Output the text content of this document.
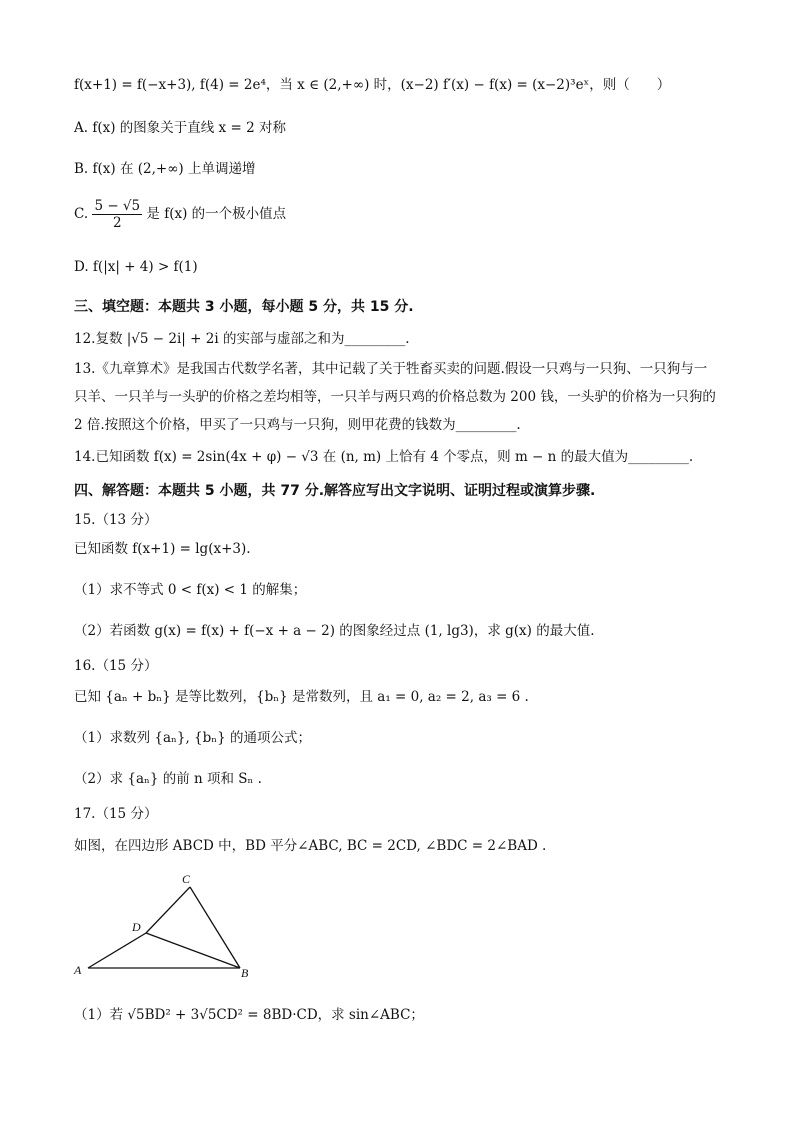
f(x+1) = f(−x+3), f(4) = 2e⁴，当 x ∈ (2,+∞) 时，(x−2) f′(x) − f(x) = (x−2)³eˣ，则（　　）
A. f(x) 的图象关于直线 x = 2 对称
B. f(x) 在 (2,+∞) 上单调递增
C. $\frac{5 - √5}{2}$ 是 f(x) 的一个极小值点
D. f(|x| + 4) > f(1)
三、填空题：本题共 3 小题，每小题 5 分，共 15 分.
12.复数 |√5 − 2i| + 2i 的实部与虚部之和为_________.
13.《九章算术》是我国古代数学名著，其中记载了关于牲畜买卖的问题.假设一只鸡与一只狗、一只狗与一
只羊、一只羊与一头驴的价格之差均相等，一只羊与两只鸡的价格总数为 200 钱，一头驴的价格为一只狗的
2 倍.按照这个价格，甲买了一只鸡与一只狗，则甲花费的钱数为_________.
14.已知函数 f(x) = 2sin(4x + φ) − √3 在 (n, m) 上恰有 4 个零点，则 m − n 的最大值为_________.
四、解答题：本题共 5 小题，共 77 分.解答应写出文字说明、证明过程或演算步骤.
15.（13 分）
已知函数 f(x+1) = lg(x+3).
（1）求不等式 0 < f(x) < 1 的解集；
（2）若函数 g(x) = f(x) + f(−x + a − 2) 的图象经过点 (1, lg3)，求 g(x) 的最大值.
16.（15 分）
已知 {aₙ + bₙ} 是等比数列，{bₙ} 是常数列，且 a₁ = 0, a₂ = 2, a₃ = 6 .
（1）求数列 {aₙ}, {bₙ} 的通项公式；
（2）求 {aₙ} 的前 n 项和 Sₙ .
17.（15 分）
如图，在四边形 ABCD 中，BD 平分∠ABC, BC = 2CD, ∠BDC = 2∠BAD .
A	B
C
D
（1）若 √5BD² + 3√5CD² = 8BD·CD，求 sin∠ABC；
